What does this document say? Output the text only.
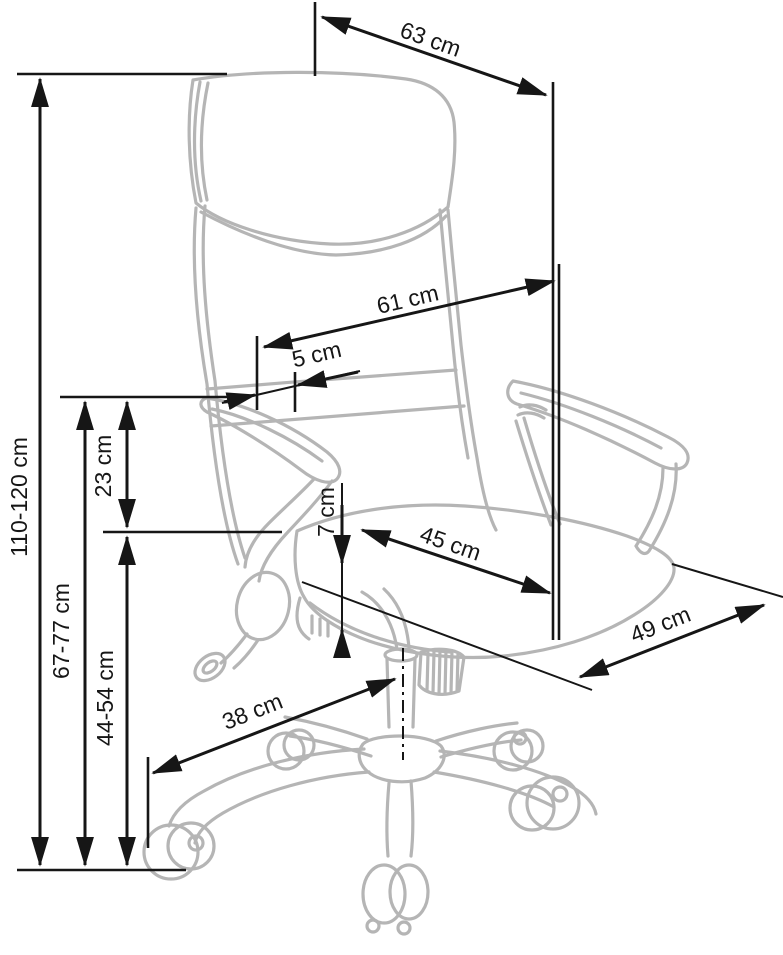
63 cm
61 cm
5 cm
110-120 cm	23 cm
67-77 cm
44-54 cm
7 cm
45 cm
49 cm
38 cm
